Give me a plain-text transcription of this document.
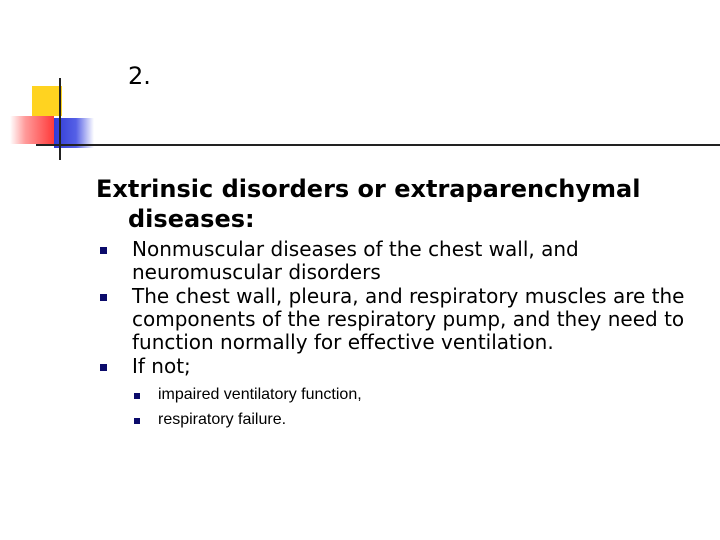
2.
Extrinsic disorders or extraparenchymal
diseases:
Nonmuscular diseases of the chest wall, and neuromuscular disorders
The chest wall, pleura, and respiratory muscles are the components of the respiratory pump, and they need to function normally for effective ventilation.
If not;
impaired ventilatory function,
respiratory failure.
